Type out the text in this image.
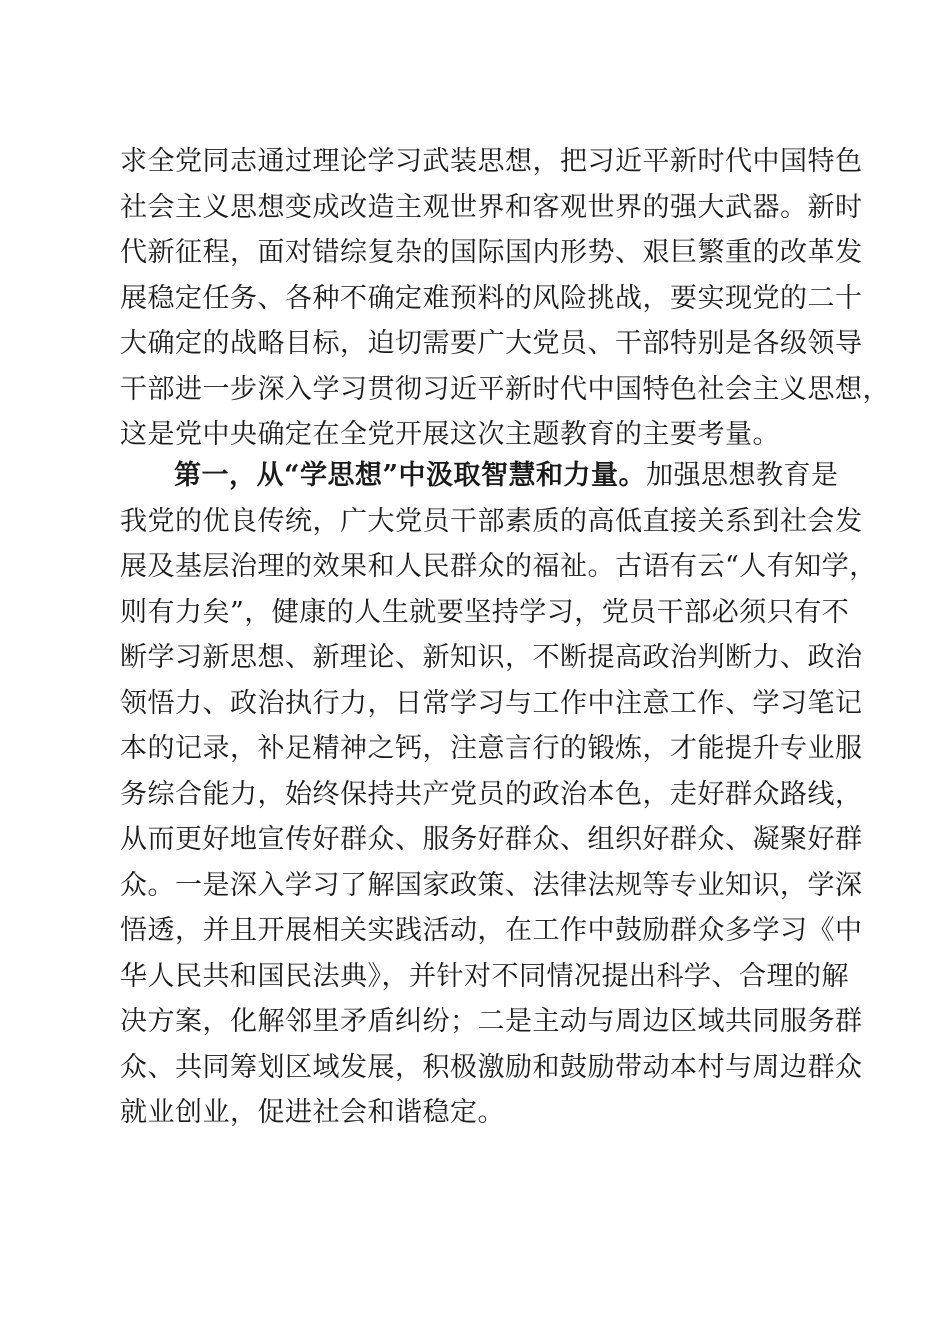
求全党同志通过理论学习武装思想，把习近平新时代中国特色
社会主义思想变成改造主观世界和客观世界的强大武器。新时
代新征程，面对错综复杂的国际国内形势、艰巨繁重的改革发
展稳定任务、各种不确定难预料的风险挑战，要实现党的二十
大确定的战略目标，迫切需要广大党员、干部特别是各级领导
干部进一步深入学习贯彻习近平新时代中国特色社会主义思想，
这是党中央确定在全党开展这次主题教育的主要考量。
第一，从“学思想”中汲取智慧和力量。加强思想教育是
我党的优良传统，广大党员干部素质的高低直接关系到社会发
展及基层治理的效果和人民群众的福祉。古语有云“人有知学，
则有力矣”，健康的人生就要坚持学习，党员干部必须只有不
断学习新思想、新理论、新知识，不断提高政治判断力、政治
领悟力、政治执行力，日常学习与工作中注意工作、学习笔记
本的记录，补足精神之钙，注意言行的锻炼，才能提升专业服
务综合能力，始终保持共产党员的政治本色，走好群众路线，
从而更好地宣传好群众、服务好群众、组织好群众、凝聚好群
众。一是深入学习了解国家政策、法律法规等专业知识，学深
悟透，并且开展相关实践活动，在工作中鼓励群众多学习《中
华人民共和国民法典》，并针对不同情况提出科学、合理的解
决方案，化解邻里矛盾纠纷；二是主动与周边区域共同服务群
众、共同筹划区域发展，积极激励和鼓励带动本村与周边群众
就业创业，促进社会和谐稳定。
